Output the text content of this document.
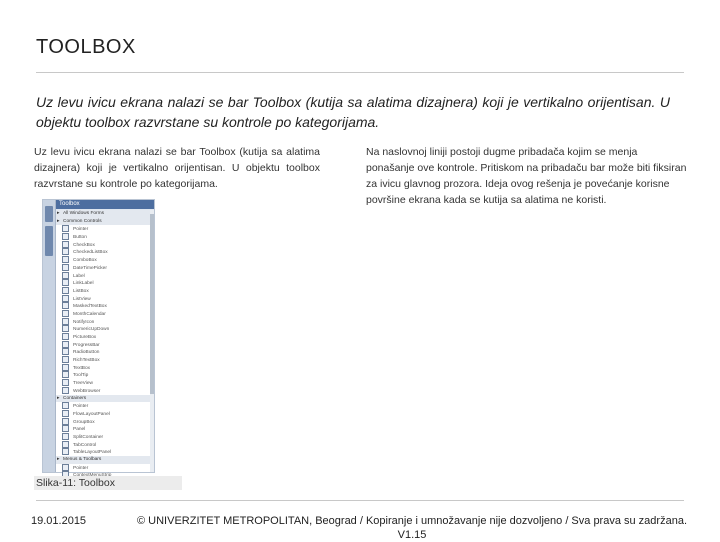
TOOLBOX
Uz levu ivicu ekrana nalazi se bar Toolbox (kutija sa alatima dizajnera) koji je vertikalno orijentisan. U objektu toolbox razvrstane su kontrole po kategorijama.
Uz levu ivicu ekrana nalazi se bar Toolbox (kutija sa alatima dizajnera) koji je vertikalno orijentisan. U objektu toolbox razvrstane su kontrole po kategorijama.
Na naslovnoj liniji postoji dugme pribadača kojim se menja ponašanje ove kontrole. Pritiskom na pribadaču bar može biti fiksiran za ivicu glavnog prozora. Ideja ovog rešenja je povećanje korisne površine ekrana kada se kutija sa alatima ne koristi.
Toolbox
▸ All Windows Forms
▸ Common Controls
Pointer
Button
CheckBox
CheckedListBox
ComboBox
DateTimePicker
Label
LinkLabel
ListBox
ListView
MaskedTextBox
MonthCalendar
NotifyIcon
NumericUpDown
PictureBox
ProgressBar
RadioButton
RichTextBox
TextBox
ToolTip
TreeView
WebBrowser
▸ Containers
Pointer
FlowLayoutPanel
GroupBox
Panel
SplitContainer
TabControl
TableLayoutPanel
▸ Menus & Toolbars
Pointer
Slika-11: Toolbox
19.01.2015	© UNIVERZITET METROPOLITAN, Beograd / Kopiranje i umnožavanje nije dozvoljeno / Sva prava su zadržana.
V1.15
